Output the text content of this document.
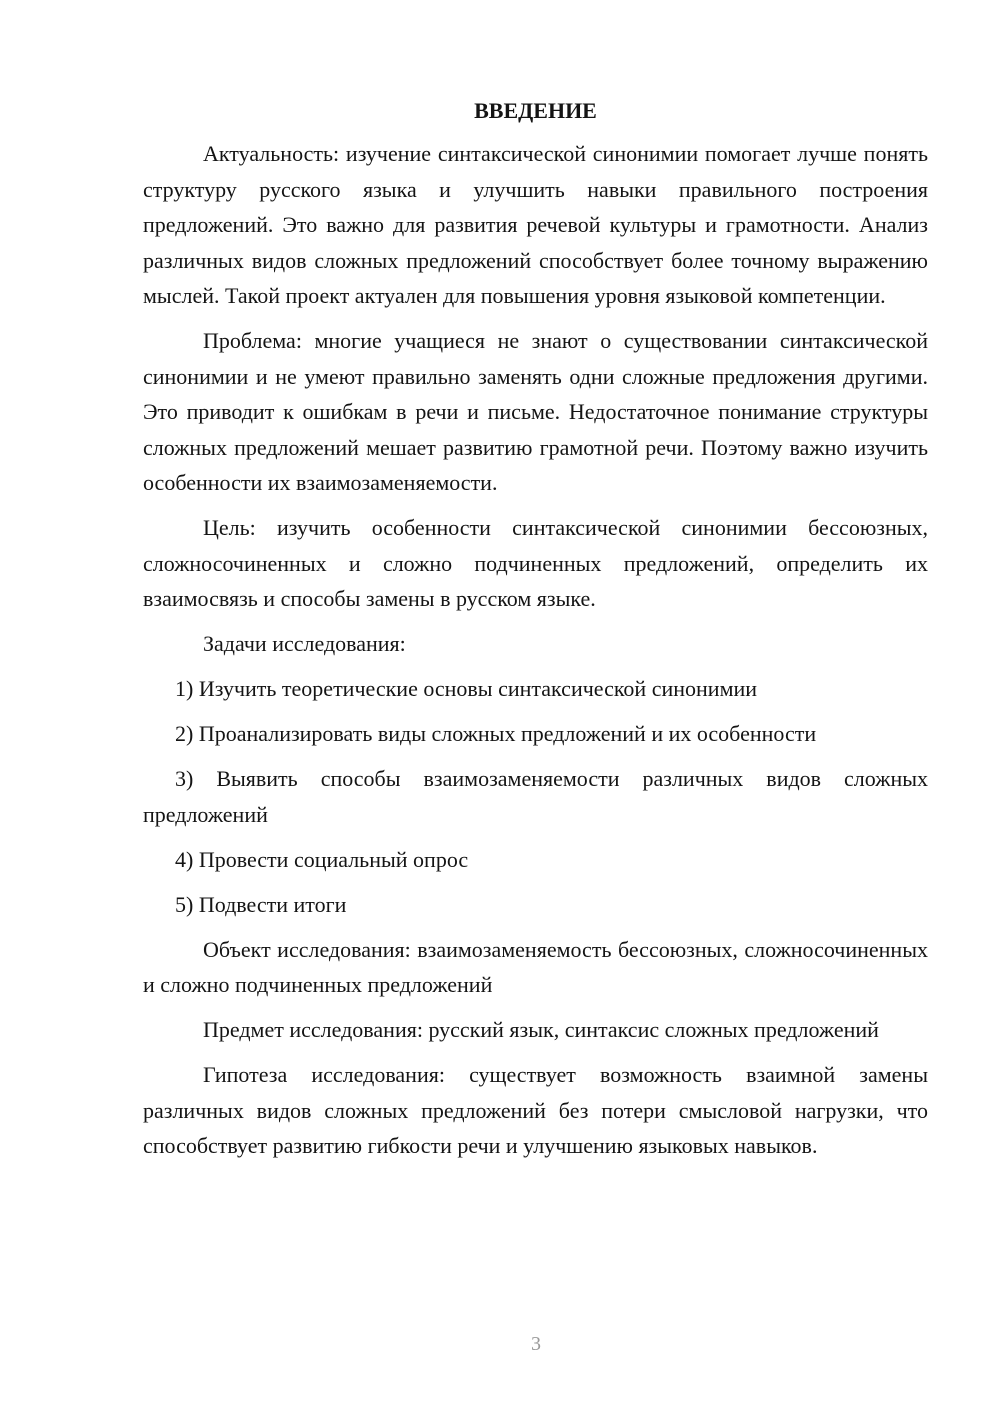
ВВЕДЕНИЕ

Актуальность: изучение синтаксической синонимии помогает лучше понять структуру русского языка и улучшить навыки правильного построения предложений. Это важно для развития речевой культуры и грамотности. Анализ различных видов сложных предложений способствует более точному выражению мыслей. Такой проект актуален для повышения уровня языковой компетенции.

Проблема: многие учащиеся не знают о существовании синтаксической синонимии и не умеют правильно заменять одни сложные предложения другими. Это приводит к ошибкам в речи и письме. Недостаточное понимание структуры сложных предложений мешает развитию грамотной речи. Поэтому важно изучить особенности их взаимозаменяемости.

Цель: изучить особенности синтаксической синонимии бессоюзных, сложносочиненных и сложно подчиненных предложений, определить их взаимосвязь и способы замены в русском языке.

Задачи исследования:

1) Изучить теоретические основы синтаксической синонимии

2) Проанализировать виды сложных предложений и их особенности

3) Выявить способы взаимозаменяемости различных видов сложных предложений

4) Провести социальный опрос

5) Подвести итоги

Объект исследования: взаимозаменяемость бессоюзных, сложносочиненных и сложно подчиненных предложений

Предмет исследования: русский язык, синтаксис сложных предложений

Гипотеза исследования: существует возможность взаимной замены различных видов сложных предложений без потери смысловой нагрузки, что способствует развитию гибкости речи и улучшению языковых навыков.

3
